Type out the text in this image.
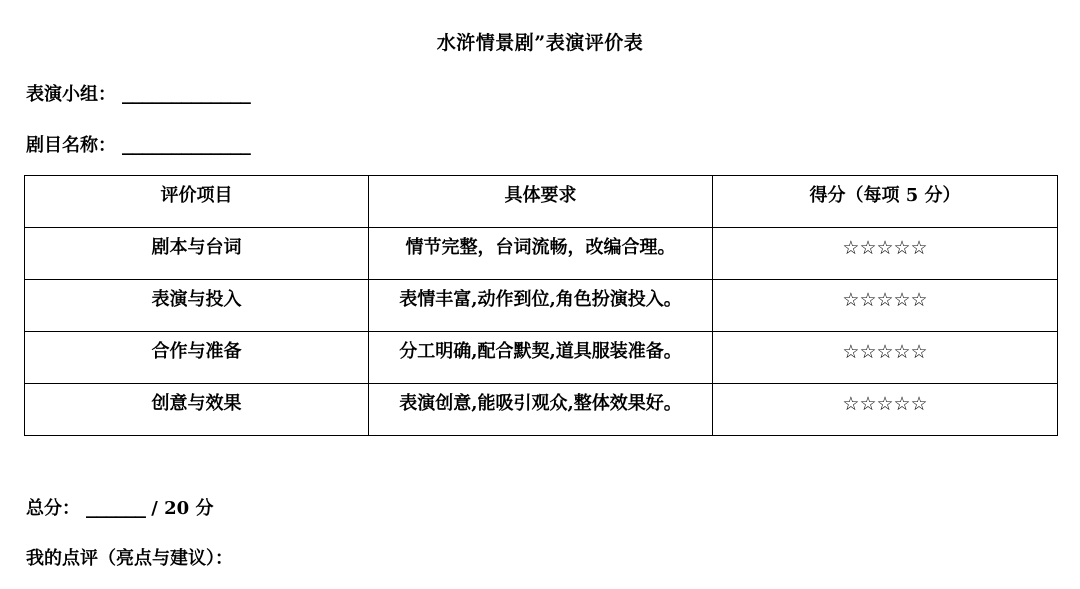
水浒情景剧”表演评价表
表演小组： _____________
剧目名称： _____________
评价项目	具体要求	得分（每项 5 分）

剧本与台词	情节完整，台词流畅，改编合理。	☆☆☆☆☆

表演与投入	表情丰富,动作到位,角色扮演投入。	☆☆☆☆☆

合作与准备	分工明确,配合默契,道具服装准备。	☆☆☆☆☆

创意与效果	表演创意,能吸引观众,整体效果好。	☆☆☆☆☆
总分： ______ / 20 分
我的点评（亮点与建议）：
